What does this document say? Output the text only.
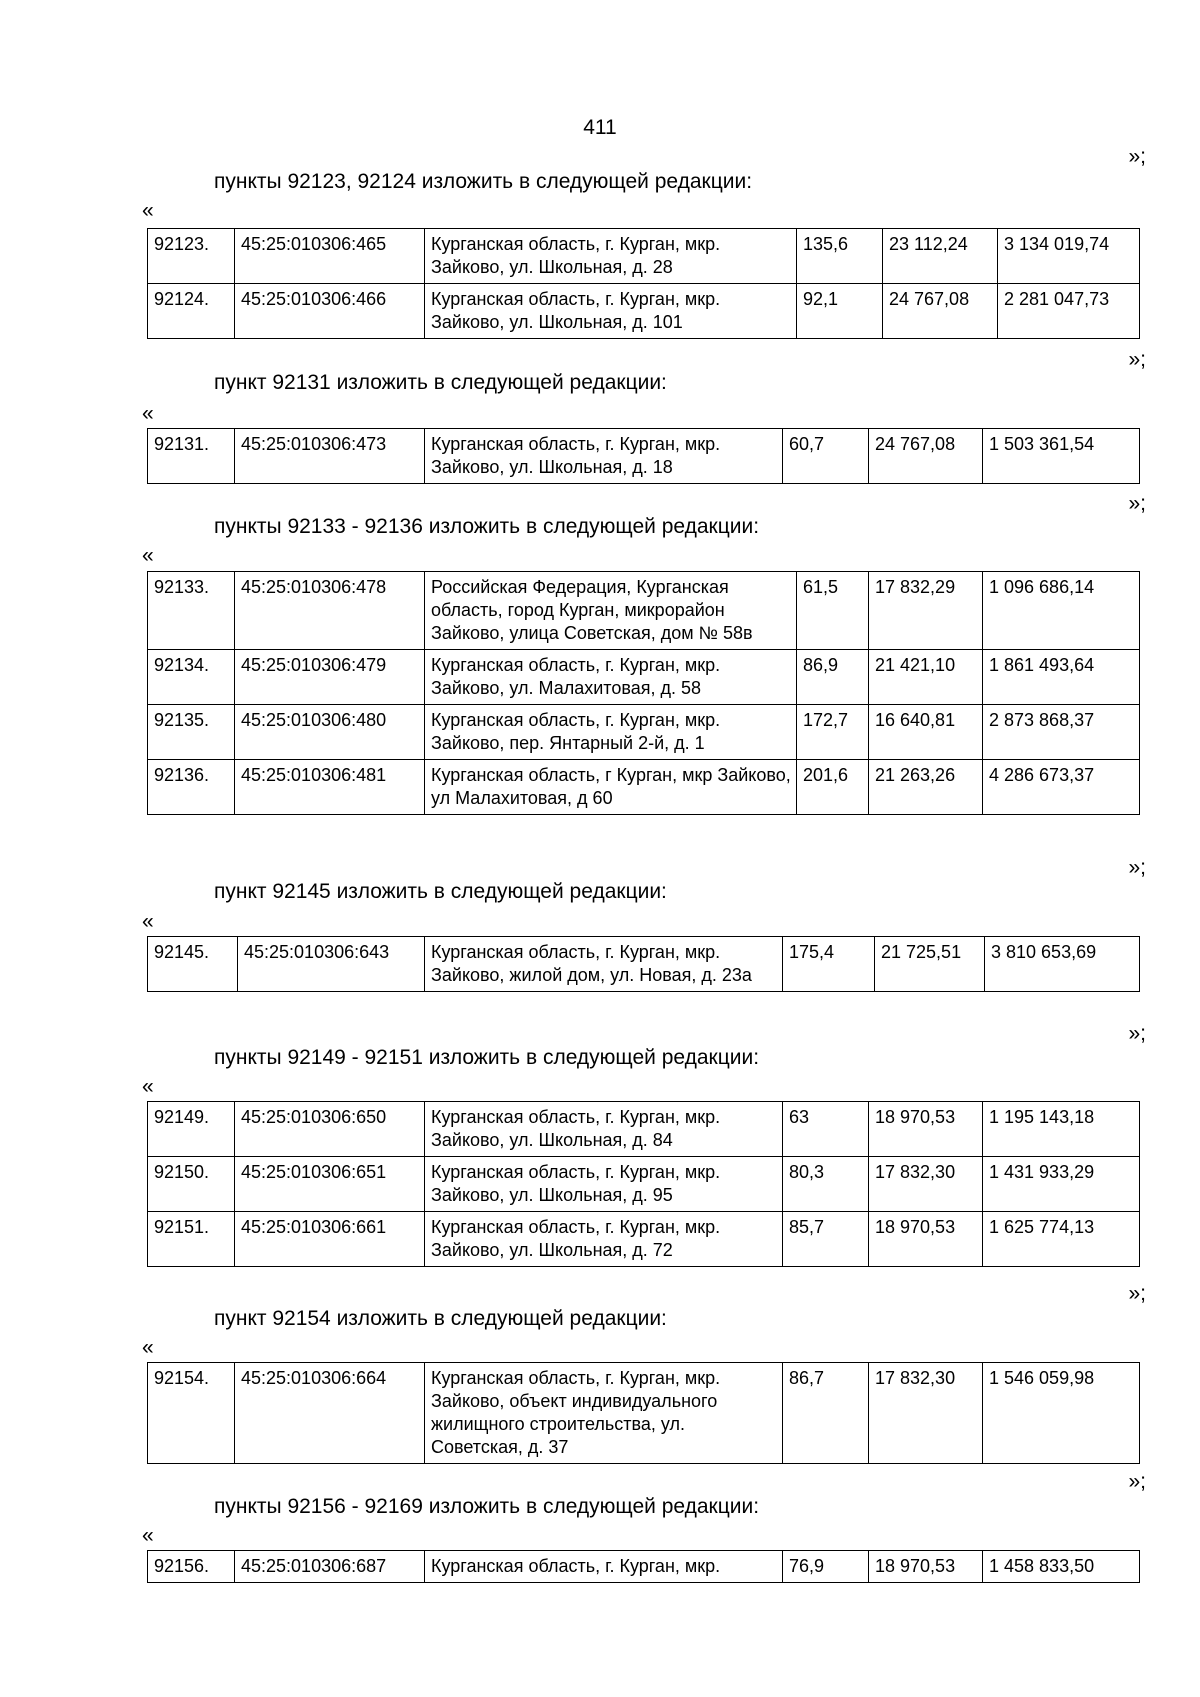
411
»;
пункты 92123, 92124 изложить в следующей редакции:
«
92123.	45:25:010306:465	Курганская область, г. Курган, мкр. Зайково, ул. Школьная, д. 28	135,6	23 112,24	3 134 019,74
92124.	45:25:010306:466	Курганская область, г. Курган, мкр. Зайково, ул. Школьная, д. 101	92,1	24 767,08	2 281 047,73
»;
пункт 92131 изложить в следующей редакции:
«
92131.	45:25:010306:473	Курганская область, г. Курган, мкр. Зайково, ул. Школьная, д. 18	60,7	24 767,08	1 503 361,54
»;
пункты 92133 - 92136 изложить в следующей редакции:
«
92133.	45:25:010306:478	Российская Федерация, Курганская область, город Курган, микрорайон Зайково, улица Советская, дом № 58в	61,5	17 832,29	1 096 686,14
92134.	45:25:010306:479	Курганская область, г. Курган, мкр. Зайково, ул. Малахитовая, д. 58	86,9	21 421,10	1 861 493,64
92135.	45:25:010306:480	Курганская область, г. Курган, мкр. Зайково, пер. Янтарный 2-й, д. 1	172,7	16 640,81	2 873 868,37
92136.	45:25:010306:481	Курганская область, г Курган, мкр Зайково, ул Малахитовая, д 60	201,6	21 263,26	4 286 673,37
»;
пункт 92145 изложить в следующей редакции:
«
92145.	45:25:010306:643	Курганская область, г. Курган, мкр. Зайково, жилой дом, ул. Новая, д. 23а	175,4	21 725,51	3 810 653,69
»;
пункты 92149 - 92151 изложить в следующей редакции:
«
92149.	45:25:010306:650	Курганская область, г. Курган, мкр. Зайково, ул. Школьная, д. 84	63	18 970,53	1 195 143,18
92150.	45:25:010306:651	Курганская область, г. Курган, мкр. Зайково, ул. Школьная, д. 95	80,3	17 832,30	1 431 933,29
92151.	45:25:010306:661	Курганская область, г. Курган, мкр. Зайково, ул. Школьная, д. 72	85,7	18 970,53	1 625 774,13
»;
пункт 92154 изложить в следующей редакции:
«
92154.	45:25:010306:664	Курганская область, г. Курган, мкр. Зайково, объект индивидуального жилищного строительства, ул. Советская, д. 37	86,7	17 832,30	1 546 059,98
»;
пункты 92156 - 92169 изложить в следующей редакции:
«
92156.	45:25:010306:687	Курганская область, г. Курган, мкр.	76,9	18 970,53	1 458 833,50
